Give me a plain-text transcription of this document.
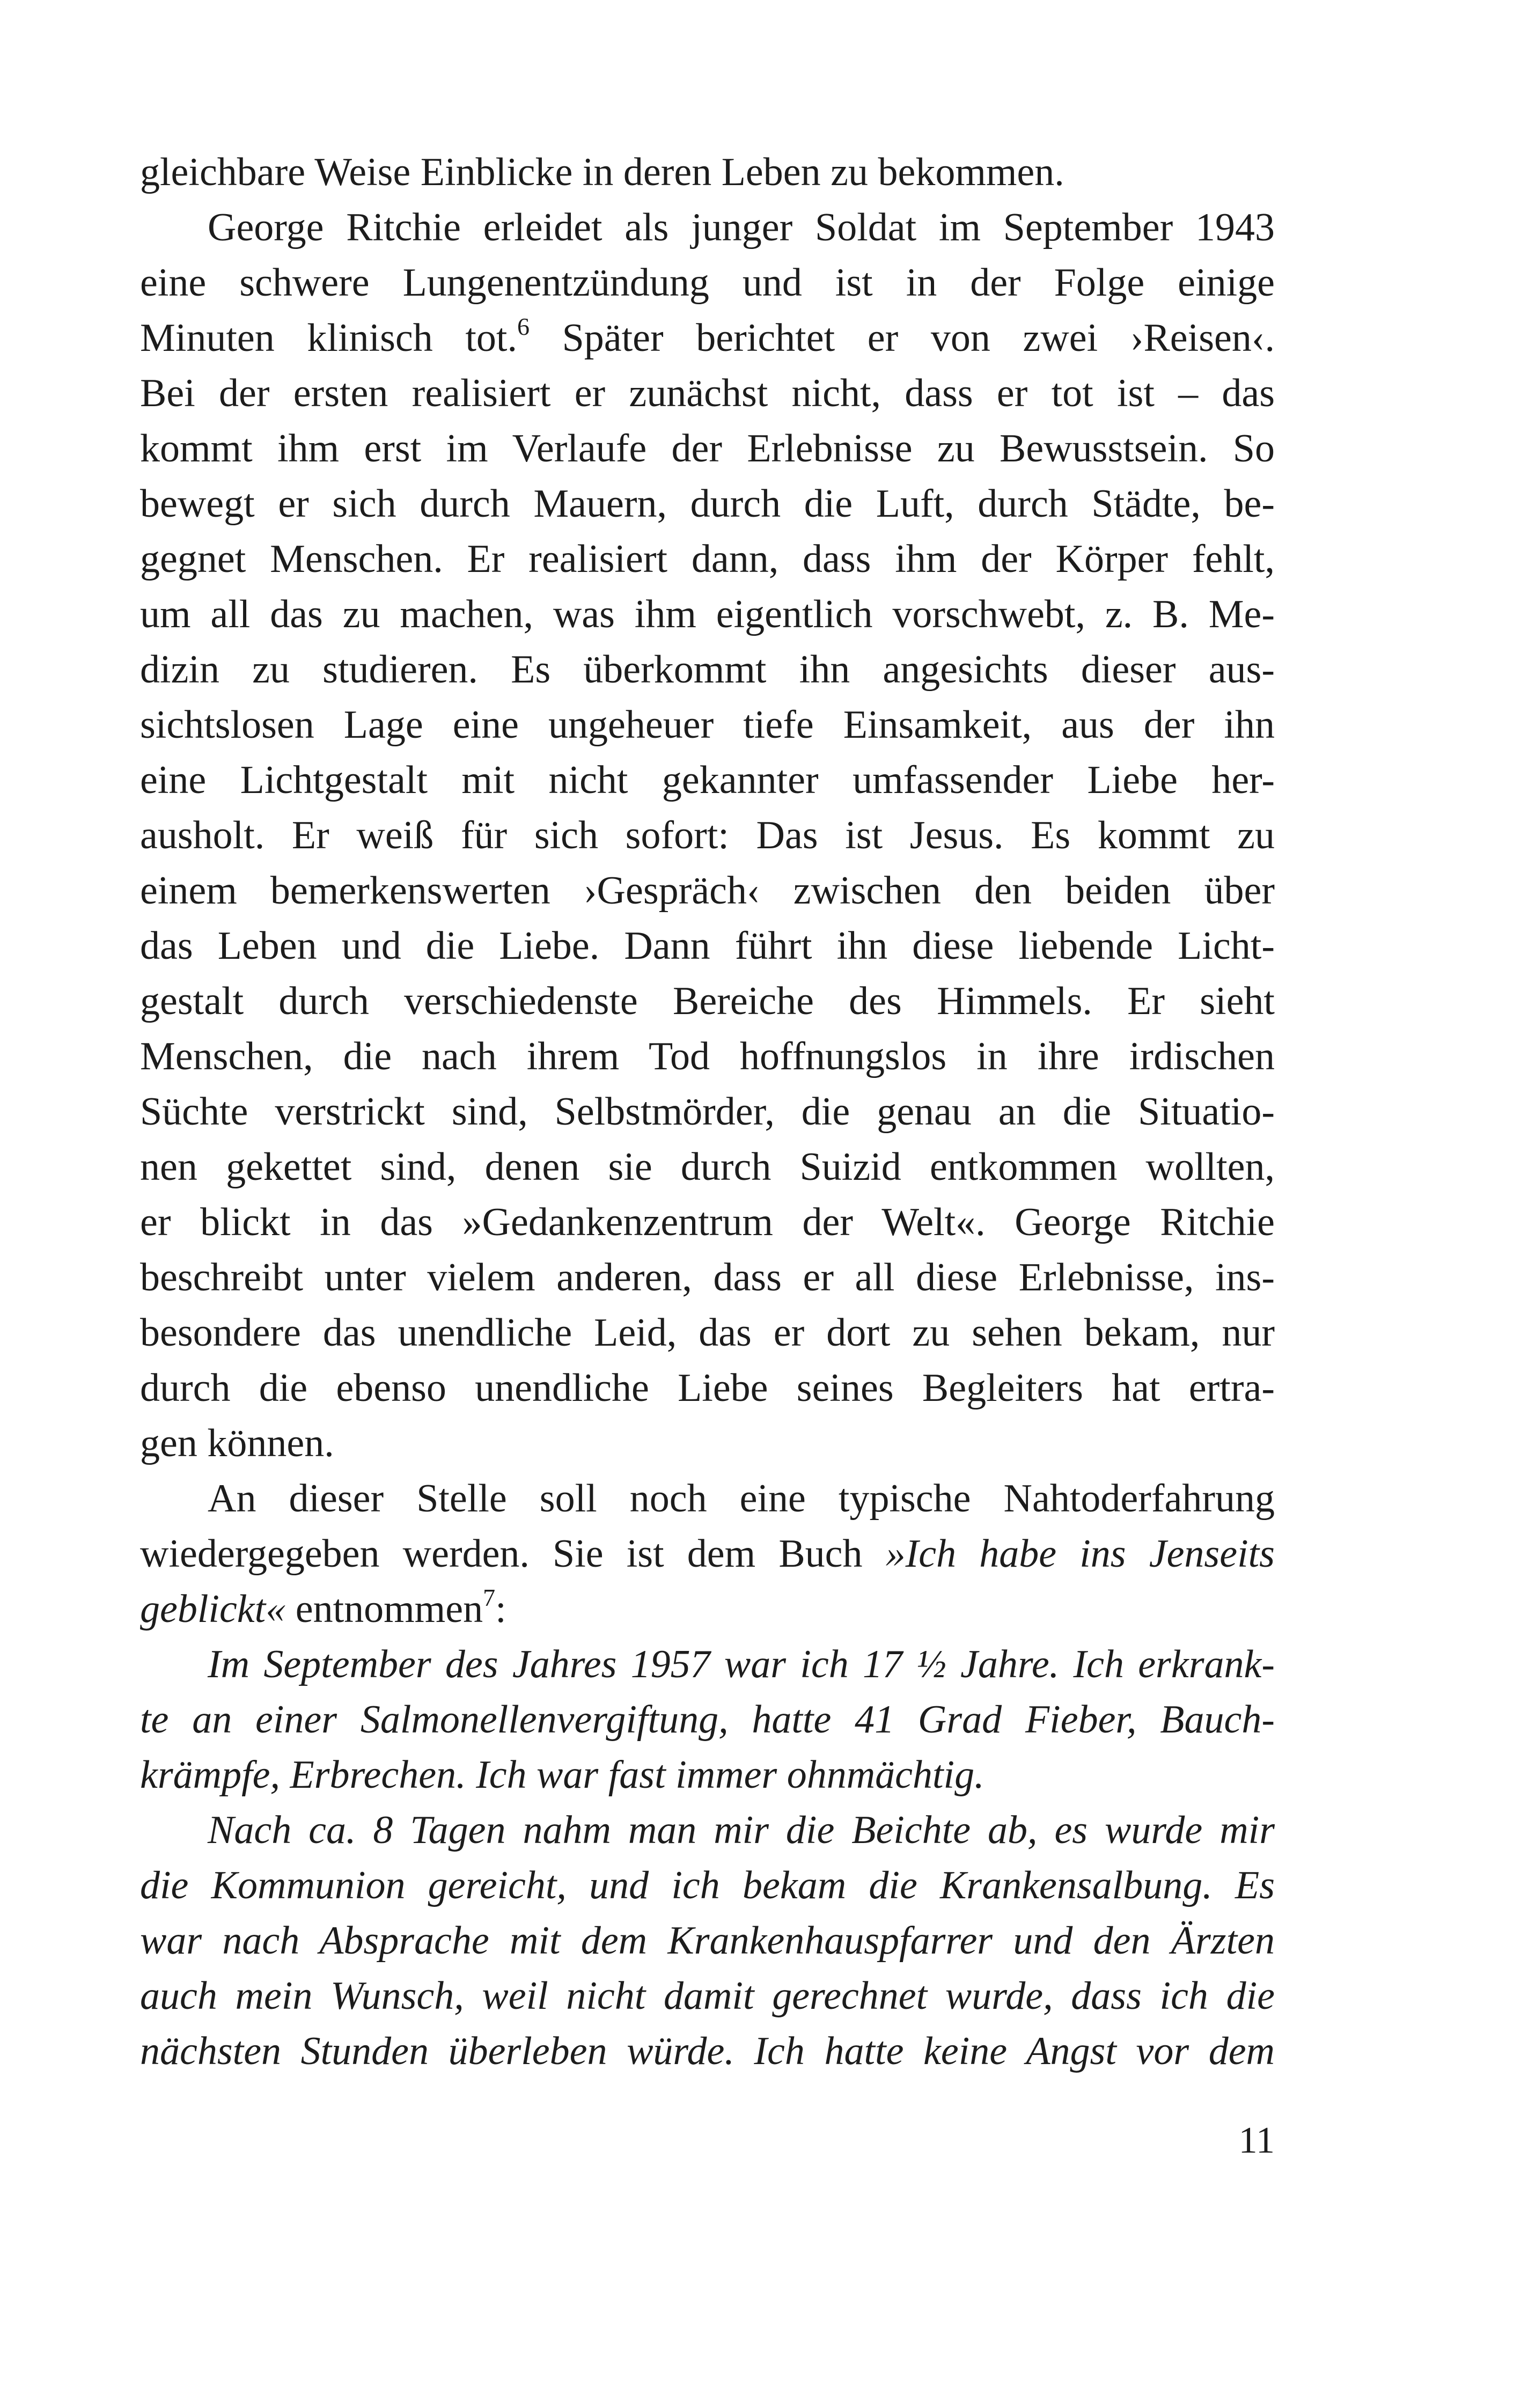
gleichbare Weise Einblicke in deren Leben zu bekommen.
George Ritchie erleidet als junger Soldat im September 1943
eine schwere Lungenentzündung und ist in der Folge einige
Minuten klinisch tot.$^6$ Später berichtet er von zwei ›Reisen‹.
Bei der ersten realisiert er zunächst nicht, dass er tot ist – das
kommt ihm erst im Verlaufe der Erlebnisse zu Bewusstsein. So
bewegt er sich durch Mauern, durch die Luft, durch Städte, be-
gegnet Menschen. Er realisiert dann, dass ihm der Körper fehlt,
um all das zu machen, was ihm eigentlich vorschwebt, z. B. Me-
dizin zu studieren. Es überkommt ihn angesichts dieser aus-
sichtslosen Lage eine ungeheuer tiefe Einsamkeit, aus der ihn
eine Lichtgestalt mit nicht gekannter umfassender Liebe her-
ausholt. Er weiß für sich sofort: Das ist Jesus. Es kommt zu
einem bemerkenswerten ›Gespräch‹ zwischen den beiden über
das Leben und die Liebe. Dann führt ihn diese liebende Licht-
gestalt durch verschiedenste Bereiche des Himmels. Er sieht
Menschen, die nach ihrem Tod hoffnungslos in ihre irdischen
Süchte verstrickt sind, Selbstmörder, die genau an die Situatio-
nen gekettet sind, denen sie durch Suizid entkommen wollten,
er blickt in das »Gedankenzentrum der Welt«. George Ritchie
beschreibt unter vielem anderen, dass er all diese Erlebnisse, ins-
besondere das unendliche Leid, das er dort zu sehen bekam, nur
durch die ebenso unendliche Liebe seines Begleiters hat ertra-
gen können.
An dieser Stelle soll noch eine typische Nahtoderfahrung
wiedergegeben werden. Sie ist dem Buch »Ich habe ins Jenseits
geblickt« entnommen$^7$:
Im September des Jahres 1957 war ich 17 ½ Jahre. Ich erkrank-
te an einer Salmonellenvergiftung, hatte 41 Grad Fieber, Bauch-
krämpfe, Erbrechen. Ich war fast immer ohnmächtig.
Nach ca. 8 Tagen nahm man mir die Beichte ab, es wurde mir
die Kommunion gereicht, und ich bekam die Krankensalbung. Es
war nach Absprache mit dem Krankenhauspfarrer und den Ärzten
auch mein Wunsch, weil nicht damit gerechnet wurde, dass ich die
nächsten Stunden überleben würde. Ich hatte keine Angst vor dem
11
